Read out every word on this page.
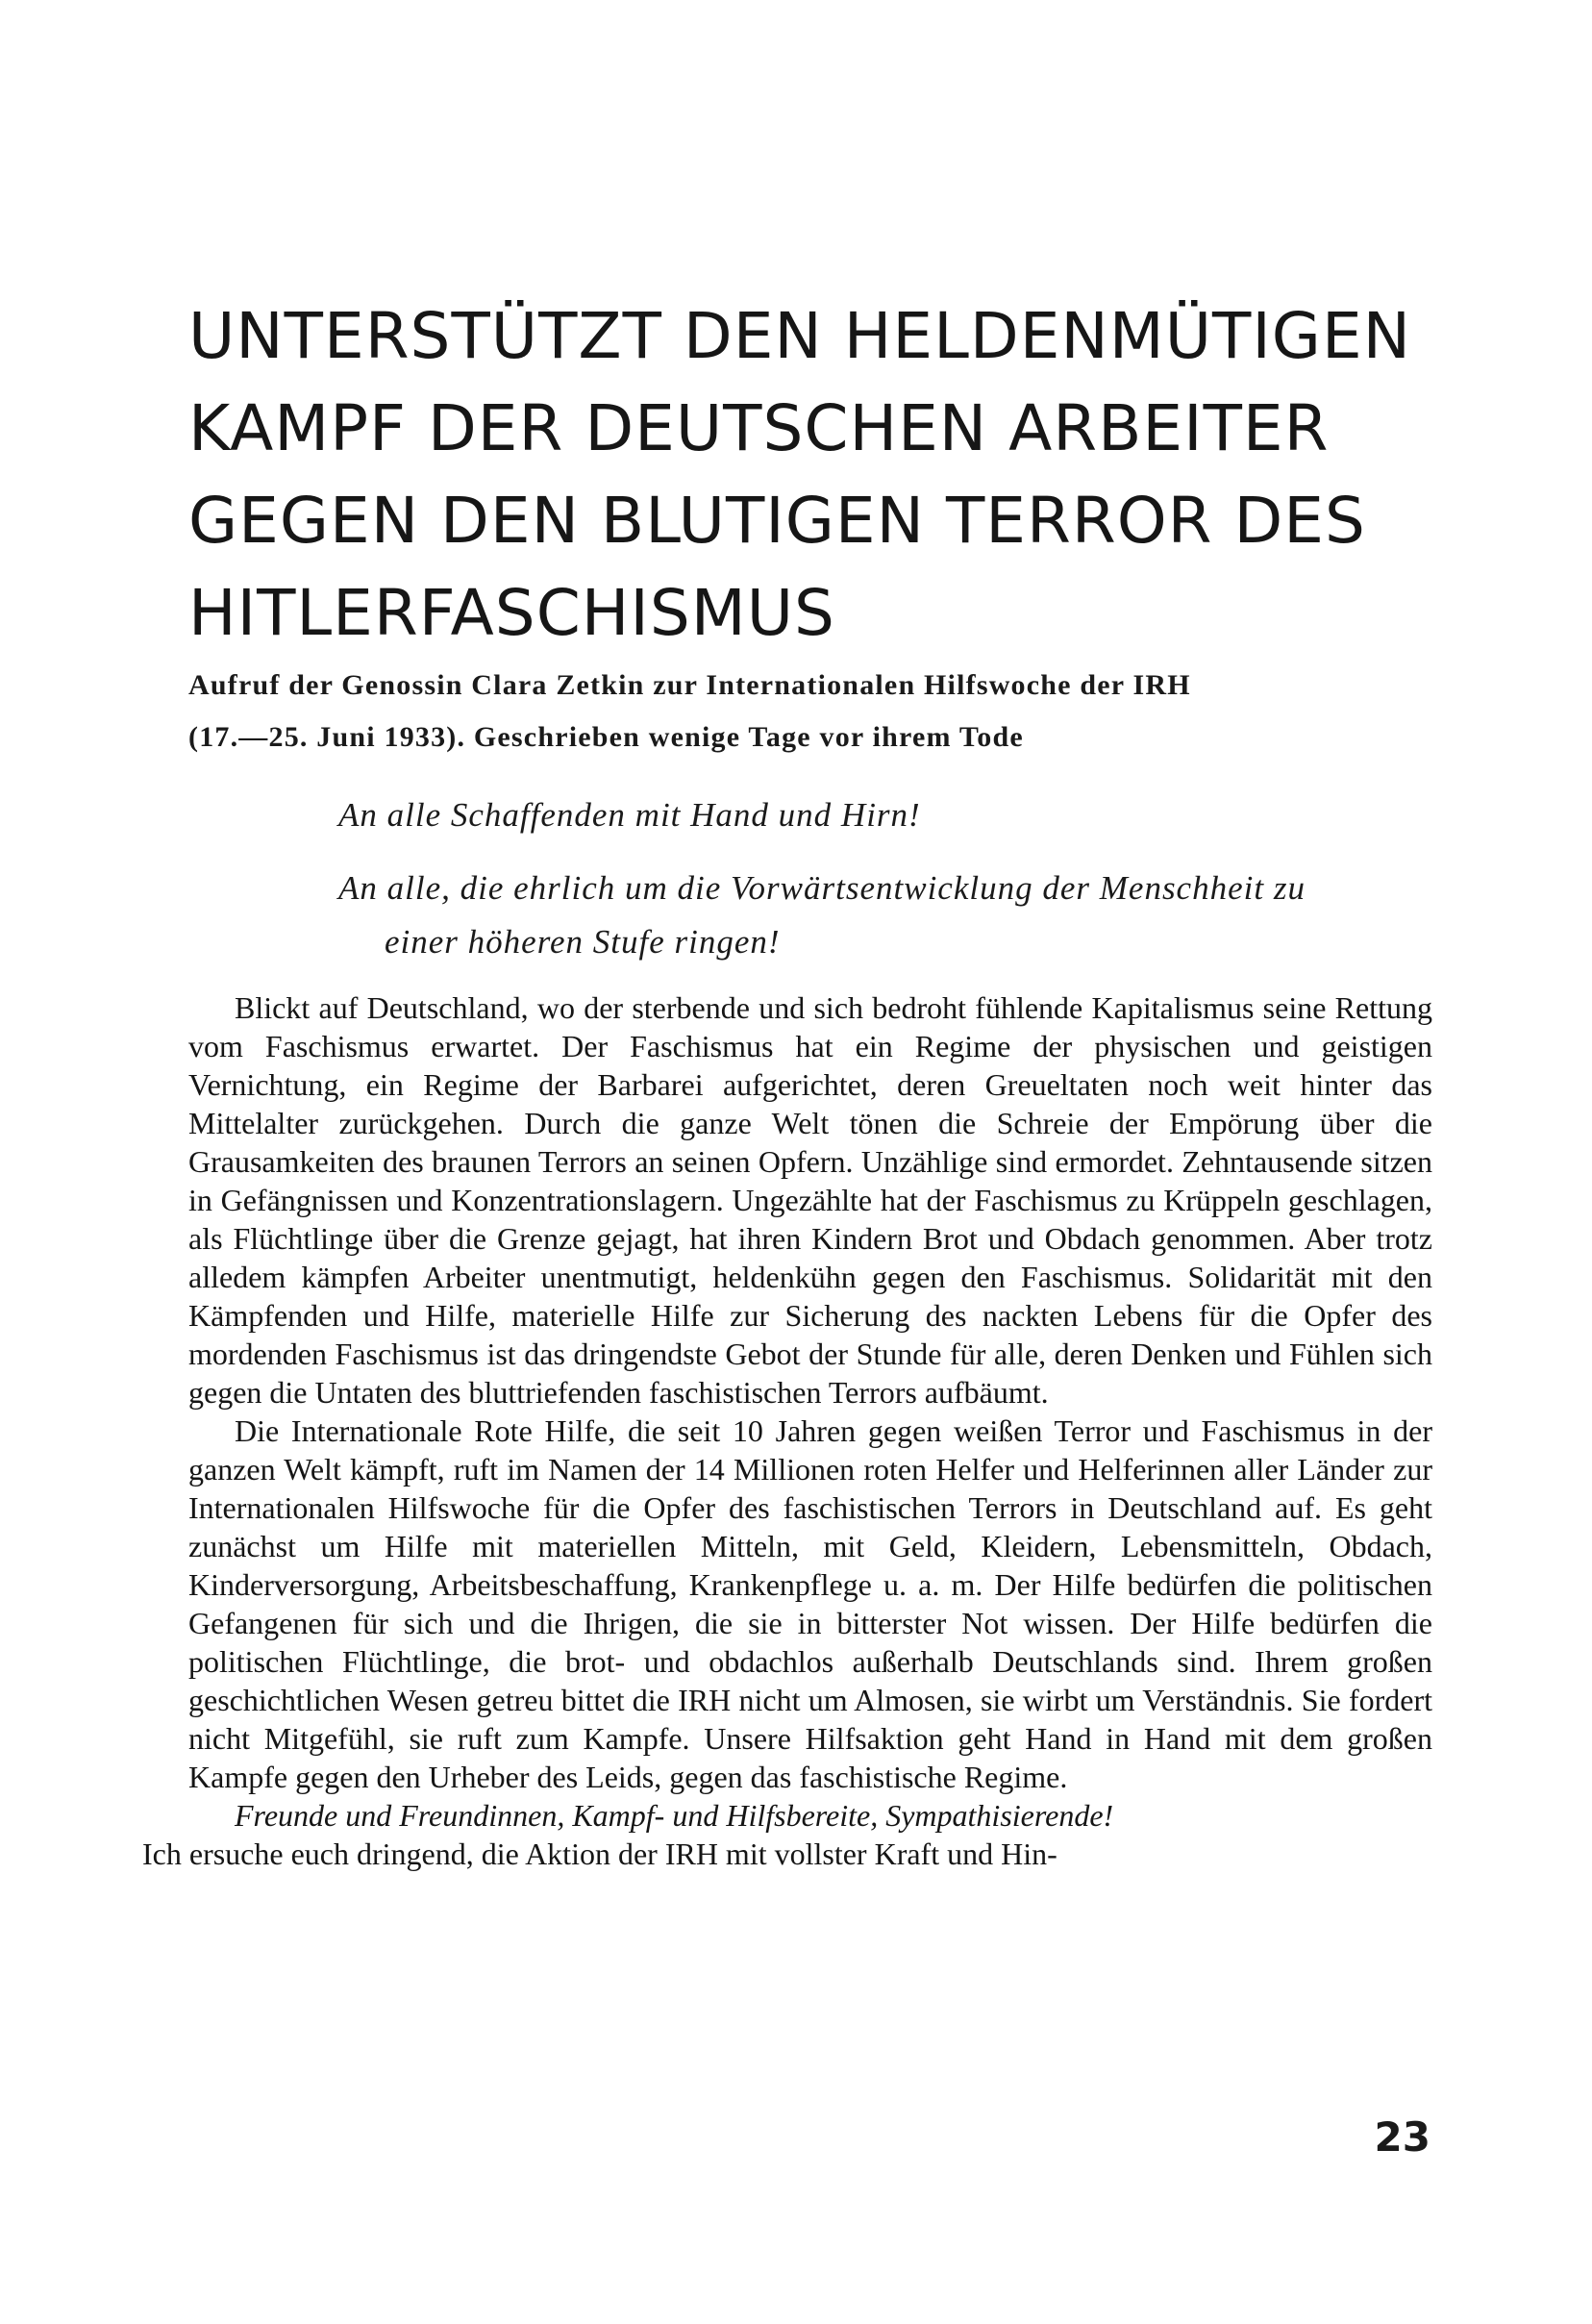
UNTERSTÜTZT DEN HELDENMÜTIGEN
KAMPF DER DEUTSCHEN ARBEITER
GEGEN DEN BLUTIGEN TERROR DES
HITLERFASCHISMUS
Aufruf der Genossin Clara Zetkin zur Internationalen Hilfswoche der IRH
(17.—25. Juni 1933). Geschrieben wenige Tage vor ihrem Tode
An alle Schaffenden mit Hand und Hirn!
An alle, die ehrlich um die Vorwärtsentwicklung der Menschheit zu
einer höheren Stufe ringen!

Blickt auf Deutschland, wo der sterbende und sich bedroht fühlende Kapitalismus seine Rettung vom Faschismus erwartet. Der Faschismus hat ein Regime der physischen und geistigen Vernichtung, ein Regime der Barbarei aufgerichtet, deren Greueltaten noch weit hinter das Mittelalter zurückgehen. Durch die ganze Welt tönen die Schreie der Empörung über die Grausamkeiten des braunen Terrors an seinen Opfern. Unzählige sind ermordet. Zehntausende sitzen in Gefängnissen und Konzentrationslagern. Ungezählte hat der Faschismus zu Krüppeln geschlagen, als Flüchtlinge über die Grenze gejagt, hat ihren Kindern Brot und Obdach genommen. Aber trotz alledem kämpfen Arbeiter unentmutigt, heldenkühn gegen den Faschismus. Solidarität mit den Kämpfenden und Hilfe, materielle Hilfe zur Sicherung des nackten Lebens für die Opfer des mordenden Faschismus ist das dringendste Gebot der Stunde für alle, deren Denken und Fühlen sich gegen die Untaten des bluttriefenden faschistischen Terrors aufbäumt.

Die Internationale Rote Hilfe, die seit 10 Jahren gegen weißen Terror und Faschismus in der ganzen Welt kämpft, ruft im Namen der 14 Millionen roten Helfer und Helferinnen aller Länder zur Internationalen Hilfswoche für die Opfer des faschistischen Terrors in Deutschland auf. Es geht zunächst um Hilfe mit materiellen Mitteln, mit Geld, Kleidern, Lebensmitteln, Obdach, Kinderversorgung, Arbeitsbeschaffung, Krankenpflege u. a. m. Der Hilfe bedürfen die politischen Gefangenen für sich und die Ihrigen, die sie in bitterster Not wissen. Der Hilfe bedürfen die politischen Flüchtlinge, die brot- und obdachlos außerhalb Deutschlands sind. Ihrem großen geschichtlichen Wesen getreu bittet die IRH nicht um Almosen, sie wirbt um Verständnis. Sie fordert nicht Mitgefühl, sie ruft zum Kampfe. Unsere Hilfsaktion geht Hand in Hand mit dem großen Kampfe gegen den Urheber des Leids, gegen das faschistische Regime.

Freunde und Freundinnen, Kampf- und Hilfsbereite, Sympathisierende!
Ich ersuche euch dringend, die Aktion der IRH mit vollster Kraft und Hin-

23
